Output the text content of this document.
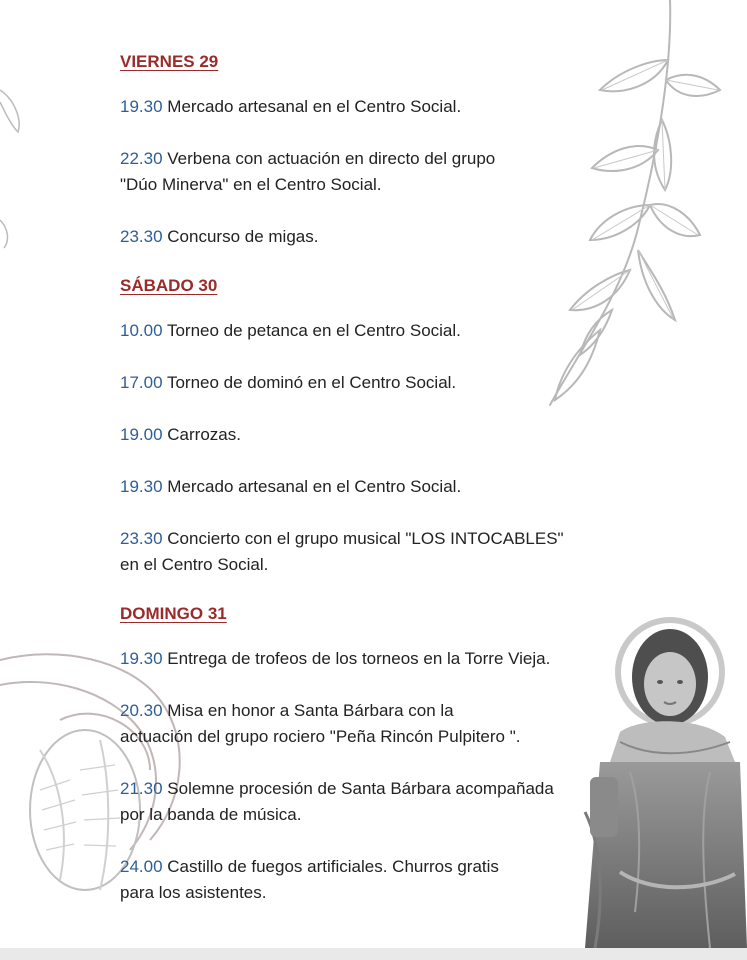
VIERNES 29

19.30 Mercado artesanal en el Centro Social.

22.30 Verbena con actuación en directo del grupo
"Dúo Minerva" en el Centro Social.

23.30 Concurso de migas.

SÁBADO 30

10.00 Torneo de petanca en el Centro Social.

17.00 Torneo de dominó en el Centro Social.

19.00 Carrozas.

19.30 Mercado artesanal en el Centro Social.

23.30 Concierto con el grupo musical "LOS INTOCABLES"
en el Centro Social.

DOMINGO 31

19.30 Entrega de trofeos de los torneos en la Torre Vieja.

20.30 Misa en honor a Santa Bárbara con la
actuación del grupo rociero "Peña Rincón Pulpitero ".

21.30 Solemne procesión de Santa Bárbara acompañada
por la banda de música.

24.00 Castillo de fuegos artificiales. Churros gratis
para los asistentes.
